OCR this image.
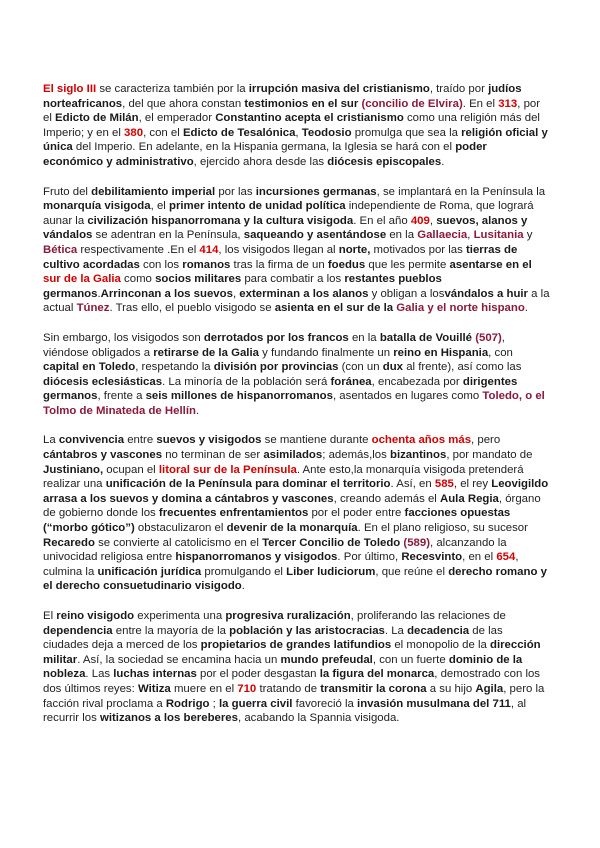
El siglo III se caracteriza también por la irrupción masiva del cristianismo, traído por judíos norteafricanos, del que ahora constan testimonios en el sur (concilio de Elvira). En el 313, por el Edicto de Milán, el emperador Constantino acepta el cristianismo como una religión más del Imperio; y en el 380, con el Edicto de Tesalónica, Teodosio promulga que sea la religión oficial y única del Imperio. En adelante, en la Hispania germana, la Iglesia se hará con el poder económico y administrativo, ejercido ahora desde las diócesis episcopales.

Fruto del debilitamiento imperial por las incursiones germanas, se implantará en la Península la monarquía visigoda, el primer intento de unidad política independiente de Roma, que logrará aunar la civilización hispanorromana y la cultura visigoda. En el año 409, suevos, alanos y vándalos se adentran en la Península, saqueando y asentándose en la Gallaecia, Lusitania y Bética respectivamente .En el 414, los visigodos llegan al norte, motivados por las tierras de cultivo acordadas con los romanos tras la firma de un foedus que les permite asentarse en el sur de la Galia como socios militares para combatir a los restantes pueblos germanos.Arrinconan a los suevos, exterminan a los alanos y obligan a losvándalos a huir a la actual Túnez. Tras ello, el pueblo visigodo se asienta en el sur de la Galia y el norte hispano.

Sin embargo, los visigodos son derrotados por los francos en la batalla de Vouillé (507), viéndose obligados a retirarse de la Galia y fundando finalmente un reino en Hispania, con capital en Toledo, respetando la división por provincias (con un dux al frente), así como las diócesis eclesiásticas. La minoría de la población será foránea, encabezada por dirigentes germanos, frente a seis millones de hispanorromanos, asentados en lugares como Toledo, o el Tolmo de Minateda de Hellín.

La convivencia entre suevos y visigodos se mantiene durante ochenta años más, pero cántabros y vascones no terminan de ser asimilados; además,los bizantinos, por mandato de Justiniano, ocupan el litoral sur de la Península. Ante esto,la monarquía visigoda pretenderá realizar una unificación de la Península para dominar el territorio. Así, en 585, el rey Leovigildo arrasa a los suevos y domina a cántabros y vascones, creando además el Aula Regia, órgano de gobierno donde los frecuentes enfrentamientos por el poder entre facciones opuestas (“morbo gótico”) obstaculizaron el devenir de la monarquía. En el plano religioso, su sucesor Recaredo se convierte al catolicismo en el Tercer Concilio de Toledo (589), alcanzando la univocidad religiosa entre hispanorromanos y visigodos. Por último, Recesvinto, en el 654, culmina la unificación jurídica promulgando el Liber ludiciorum, que reúne el derecho romano y el derecho consuetudinario visigodo.

El reino visigodo experimenta una progresiva ruralización, proliferando las relaciones de dependencia entre la mayoría de la población y las aristocracias. La decadencia de las ciudades deja a merced de los propietarios de grandes latifundios el monopolio de la dirección militar. Así, la sociedad se encamina hacia un mundo prefeudal, con un fuerte dominio de la nobleza. Las luchas internas por el poder desgastan la figura del monarca, demostrado con los dos últimos reyes: Witiza muere en el 710 tratando de transmitir la corona a su hijo Agila, pero la facción rival proclama a Rodrigo ; la guerra civil favoreció la invasión musulmana del 711, al recurrir los witizanos a los bereberes, acabando la Spannia visigoda.
